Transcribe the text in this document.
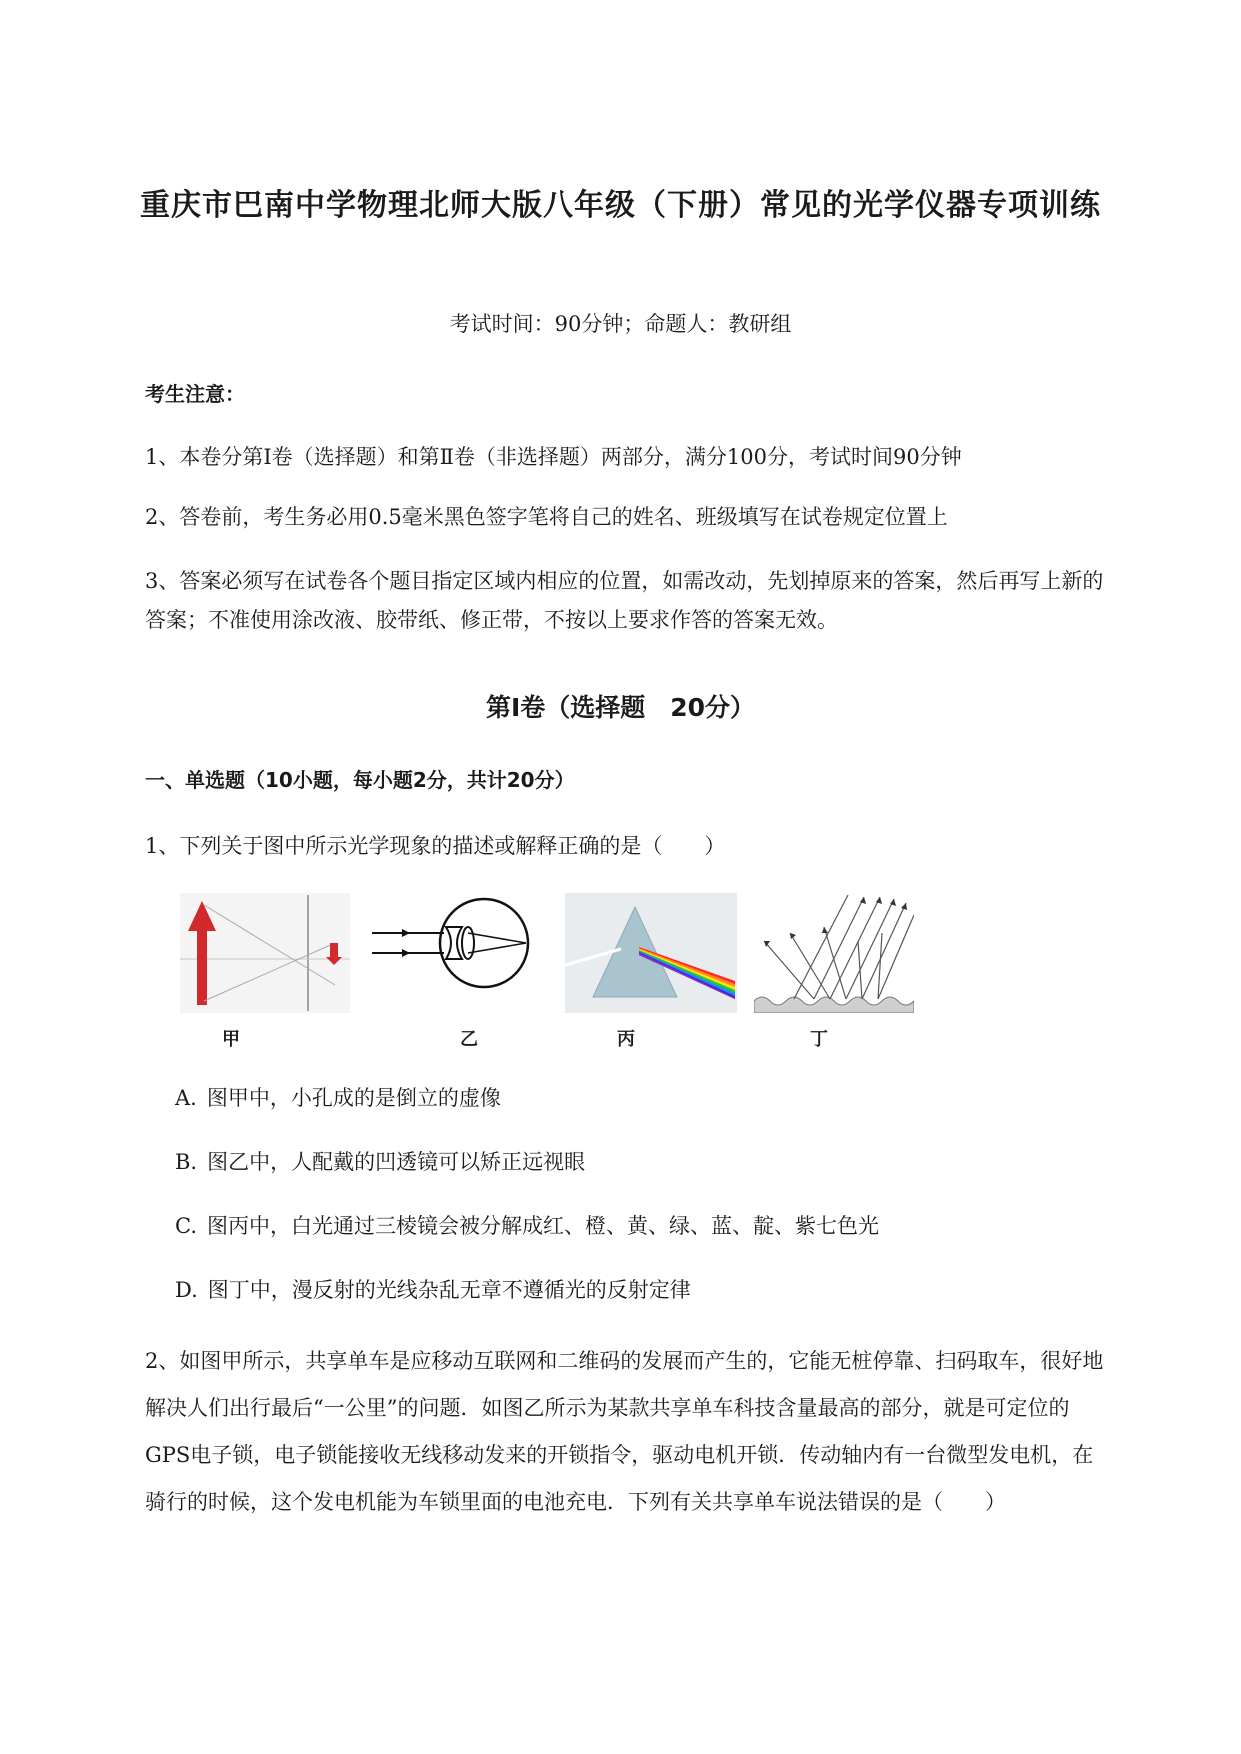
重庆市巴南中学物理北师大版八年级（下册）常见的光学仪器专项训练
考试时间：90分钟；命题人：教研组
考生注意：
1、本卷分第Ⅰ卷（选择题）和第Ⅱ卷（非选择题）两部分，满分100分，考试时间90分钟
2、答卷前，考生务必用0.5毫米黑色签字笔将自己的姓名、班级填写在试卷规定位置上
3、答案必须写在试卷各个题目指定区域内相应的位置，如需改动，先划掉原来的答案，然后再写上新的答案；不准使用涂改液、胶带纸、修正带，不按以上要求作答的答案无效。
第Ⅰ卷（选择题　20分）
一、单选题（10小题，每小题2分，共计20分）
1、下列关于图中所示光学现象的描述或解释正确的是（　　）
甲	乙	丙	丁
A. 图甲中，小孔成的是倒立的虚像
B. 图乙中，人配戴的凹透镜可以矫正远视眼
C. 图丙中，白光通过三棱镜会被分解成红、橙、黄、绿、蓝、靛、紫七色光
D. 图丁中，漫反射的光线杂乱无章不遵循光的反射定律
2、如图甲所示，共享单车是应移动互联网和二维码的发展而产生的，它能无桩停靠、扫码取车，很好地解决人们出行最后“一公里”的问题．如图乙所示为某款共享单车科技含量最高的部分，就是可定位的GPS电子锁，电子锁能接收无线移动发来的开锁指令，驱动电机开锁．传动轴内有一台微型发电机，在骑行的时候，这个发电机能为车锁里面的电池充电．下列有关共享单车说法错误的是（　　）
